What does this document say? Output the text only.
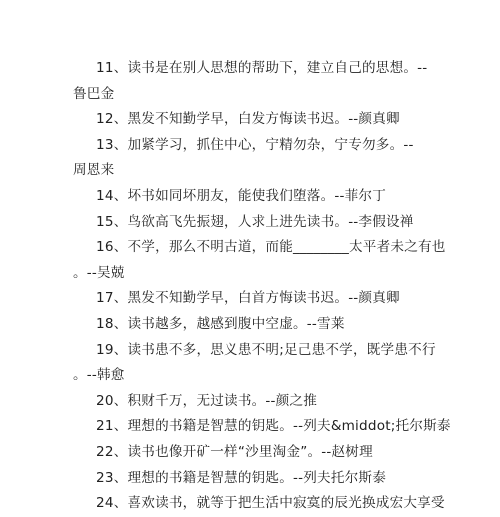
11、读书是在别人思想的帮助下，建立自己的思想。--
鲁巴金
12、黑发不知勤学早，白发方悔读书迟。--颜真卿
13、加紧学习，抓住中心，宁精勿杂，宁专勿多。--
周恩来
14、坏书如同坏朋友，能使我们堕落。--菲尔丁
15、鸟欲高飞先振翅，人求上进先读书。--李假设禅
16、不学，那么不明古道，而能________太平者未之有也
。--吴兢
17、黑发不知勤学早，白首方悔读书迟。--颜真卿
18、读书越多，越感到腹中空虚。--雪莱
19、读书患不多，思义患不明;足己患不学，既学患不行
。--韩愈
20、积财千万，无过读书。--颜之推
21、理想的书籍是智慧的钥匙。--列夫&middot;托尔斯泰
22、读书也像开矿一样“沙里淘金”。--赵树理
23、理想的书籍是智慧的钥匙。--列夫托尔斯泰
24、喜欢读书，就等于把生活中寂寞的辰光换成宏大享受
